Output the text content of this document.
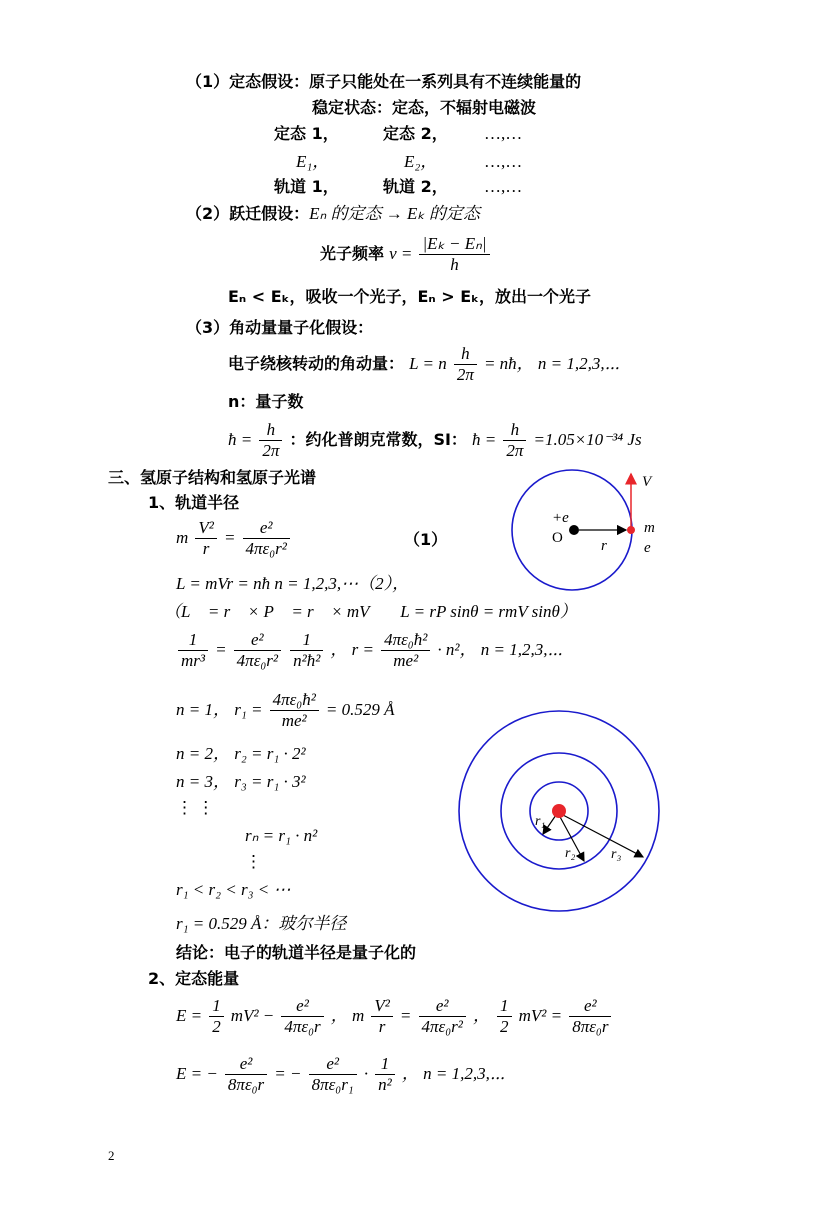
（1）定态假设：原子只能处在一系列具有不连续能量的
稳定状态：定态，不辐射电磁波
定态 1，	定态 2， …,…
E₁，	E₂，	…,…
轨道 1，	轨道 2， …,…
（2）跃迁假设：Eₙ 的定态 → Eₖ 的定态
光子频率 $\nu = \frac{\text{|Eₖ − Eₙ|}}{h}$
Eₙ < Eₖ，吸收一个光子，Eₙ > Eₖ，放出一个光子
（3）角动量量子化假设：
电子绕核转动的角动量： L = n $\frac{h}{2\pi}$ = nħ， n = 1,2,3,⋯
n：量子数
ħ = $\frac{h}{2\pi}$ ：约化普朗克常数，SI： ħ = $\frac{h}{2\pi} =1.05\times 10^{-34}$ Js
三、氢原子结构和氢原子光谱
1、轨道半径
m $\frac{\text{V²}}{r} = \frac{\text{e²}}{\text{4πε₀r²}}$	（1）
L = mVr = nħ n = 1,2,3,⋯（2），
（L⃗ = r⃗ × P⃗ = r⃗ × mV⃗， L = rP sinθ = rmV sinθ）
$\frac{1}{\text{mr³}} = \frac{\text{e²}}{\text{4πε₀r²}}$
$\frac{1}{\text{n²ħ²}}$ ， $r = \frac{\text{4πε₀ħ²}}{\text{me²}} \cdot n^2$， n = 1,2,3,⋯
n = 1， $r_1 = \frac{\text{4πε₀ħ²}}{\text{me²}} = 0.529$ Å
n = 2， r₂ = r₁ · 2²
n = 3， r₃ = r₁ · 3²
⋮ ⋮
rₙ = r₁ · n²
⋮
r₁ < r₂ < r₃ < ⋯
r₁ = 0.529 Å：玻尔半径
结论：电子的轨道半径是量子化的
2、定态能量
$E = \frac{1}{2} mV^2 - \frac{\text{e²}}{\text{4πε₀r}}$ ， m $\frac{\text{V²}}{r} = \frac{\text{e²}}{\text{4πε₀r²}}$ ， $\frac{1}{2} mV^2 = \frac{\text{e²}}{\text{8πε₀r}}$
E = − $\frac{\text{e²}}{\text{8πε₀r}}$ = − $\frac{\text{e²}}{\text{8πε₀r₁}} \cdot \frac{1}{\text{n²}}$ ， n = 1,2,3,⋯
+e
O	r⃗
V⃗
m
e
r₁
r₂	r₃
2
